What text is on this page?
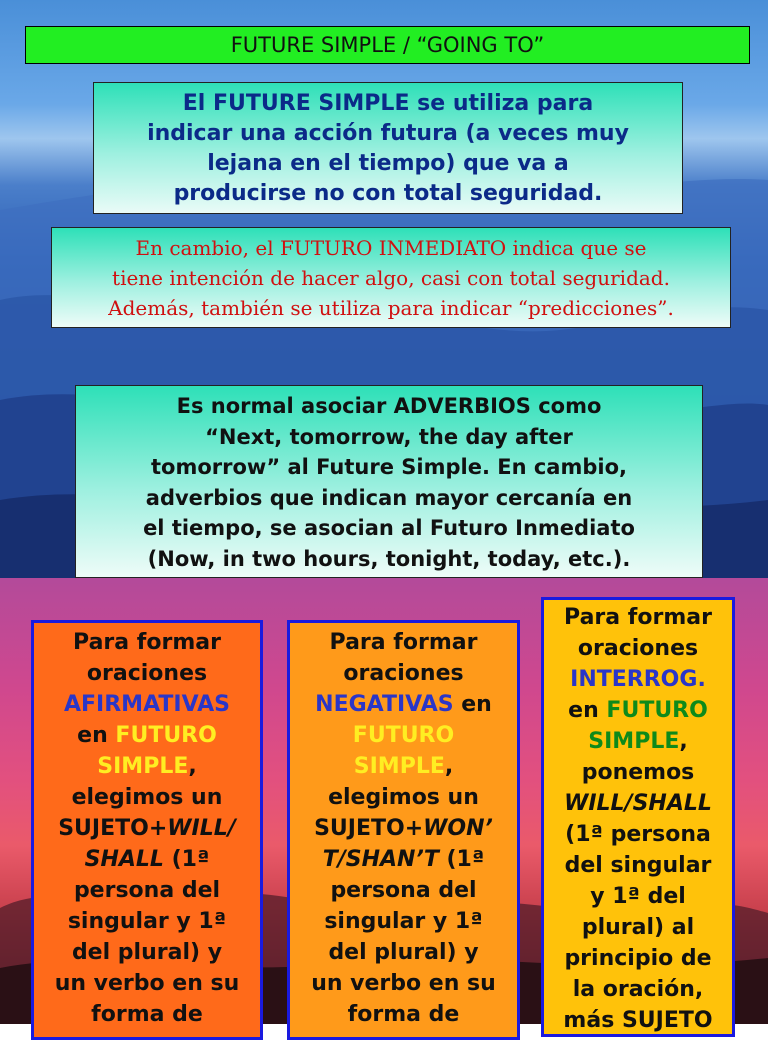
FUTURE SIMPLE / “GOING TO”
El FUTURE SIMPLE se utiliza para
indicar una acción futura (a veces muy
lejana en el tiempo) que va a
producirse no con total seguridad.
En cambio, el FUTURO INMEDIATO indica que se
tiene intención de hacer algo, casi con total seguridad.
Además, también se utiliza para indicar “predicciones”.
Es normal asociar ADVERBIOS como
“Next, tomorrow, the day after
tomorrow” al Future Simple. En cambio,
adverbios que indican mayor cercanía en
el tiempo, se asocian al Futuro Inmediato
(Now, in two hours, tonight, today, etc.).
Para formar
oraciones
AFIRMATIVAS
en FUTURO
SIMPLE,
elegimos un
SUJETO+WILL/
SHALL (1ª
persona del
singular y 1ª
del plural) y
un verbo en su
forma de
Para formar
oraciones
NEGATIVAS en
FUTURO
SIMPLE,
elegimos un
SUJETO+WON’
T/SHAN’T (1ª
persona del
singular y 1ª
del plural) y
un verbo en su
forma de
Para formar
oraciones
INTERROG.
en FUTURO
SIMPLE,
ponemos
WILL/SHALL
(1ª persona
del singular
y 1ª del
plural) al
principio de
la oración,
más SUJETO
